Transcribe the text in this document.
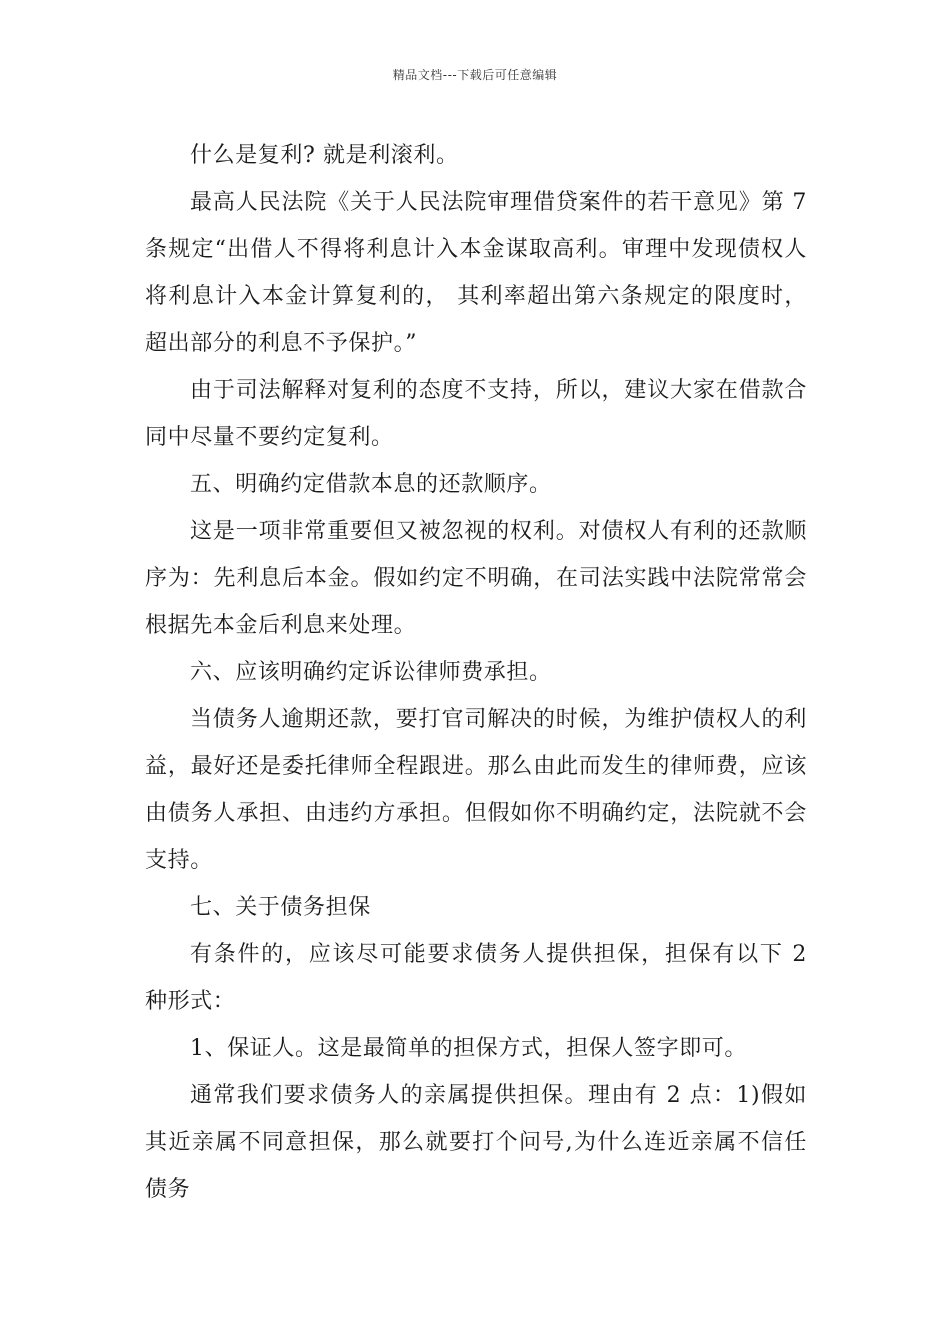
精品文档---下载后可任意编辑

什么是复利? 就是利滚利。

最高人民法院《关于人民法院审理借贷案件的若干意见》第 7 条规定“出借人不得将利息计入本金谋取高利。审理中发现债权人将利息计入本金计算复利的， 其利率超出第六条规定的限度时，超出部分的利息不予保护。”

由于司法解释对复利的态度不支持，所以，建议大家在借款合同中尽量不要约定复利。

五、明确约定借款本息的还款顺序。

这是一项非常重要但又被忽视的权利。对债权人有利的还款顺序为：先利息后本金。假如约定不明确，在司法实践中法院常常会根据先本金后利息来处理。

六、应该明确约定诉讼律师费承担。

当债务人逾期还款，要打官司解决的时候，为维护债权人的利益，最好还是委托律师全程跟进。那么由此而发生的律师费，应该由债务人承担、由违约方承担。但假如你不明确约定，法院就不会支持。

七、关于债务担保

有条件的，应该尽可能要求债务人提供担保，担保有以下 2 种形式：

1、保证人。这是最简单的担保方式，担保人签字即可。

通常我们要求债务人的亲属提供担保。理由有 2 点：1)假如其近亲属不同意担保，那么就要打个问号,为什么连近亲属不信任债务
